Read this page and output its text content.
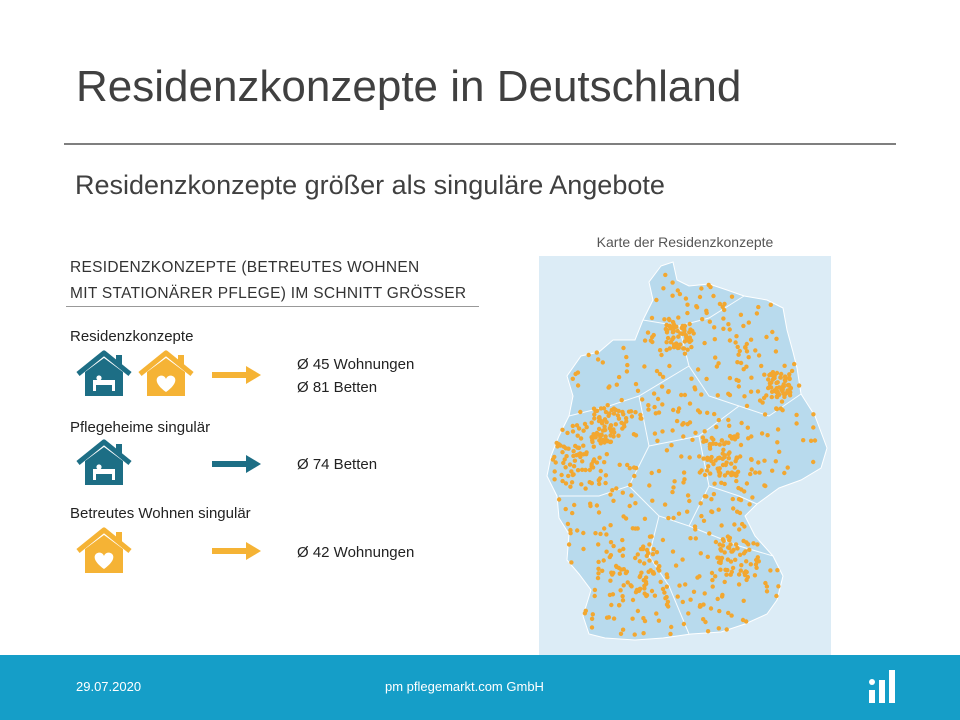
Residenzkonzepte in Deutschland
Residenzkonzepte größer als singuläre Angebote
RESIDENZKONZEPTE (BETREUTES WOHNEN
MIT STATIONÄRER PFLEGE) IM SCHNITT GRÖSSER
Residenzkonzepte
Ø 45 Wohnungen
Ø 81 Betten
Pflegeheime singulär
Ø 74 Betten
Betreutes Wohnen singulär
Ø 42 Wohnungen
Karte der Residenzkonzepte
29.07.2020	pm pflegemarkt.com GmbH
